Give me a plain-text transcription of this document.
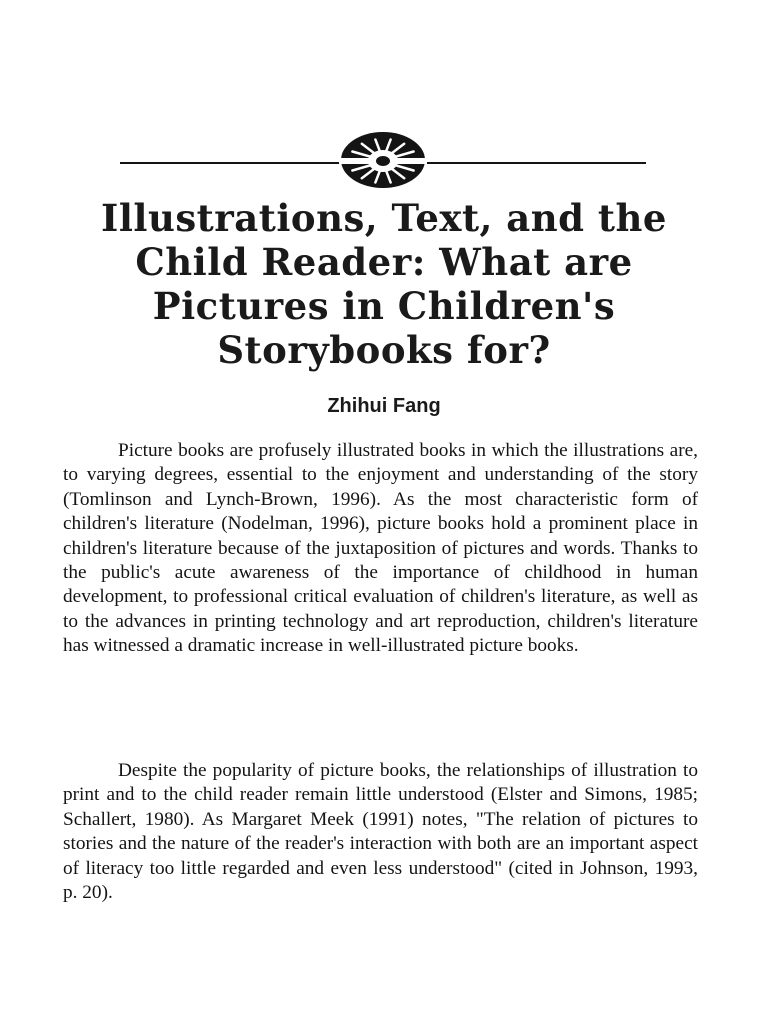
Illustrations, Text, and the
Child Reader: What are
Pictures in Children's
Storybooks for?
Zhihui Fang

Picture books are profusely illustrated books in which the illustrations are, to varying degrees, essential to the enjoyment and understanding of the story (Tomlinson and Lynch-Brown, 1996). As the most characteristic form of children's literature (Nodelman, 1996), picture books hold a prominent place in children's literature because of the juxtaposition of pictures and words. Thanks to the public's acute awareness of the importance of childhood in human development, to professional critical evaluation of children's literature, as well as to the advances in printing technology and art reproduction, children's literature has witnessed a dramatic increase in well-illustrated picture books.

Despite the popularity of picture books, the relationships of illustration to print and to the child reader remain little understood (Elster and Simons, 1985; Schallert, 1980). As Margaret Meek (1991) notes, "The relation of pictures to stories and the nature of the reader's interaction with both are an important aspect of literacy too little regarded and even less understood" (cited in Johnson, 1993, p. 20).
